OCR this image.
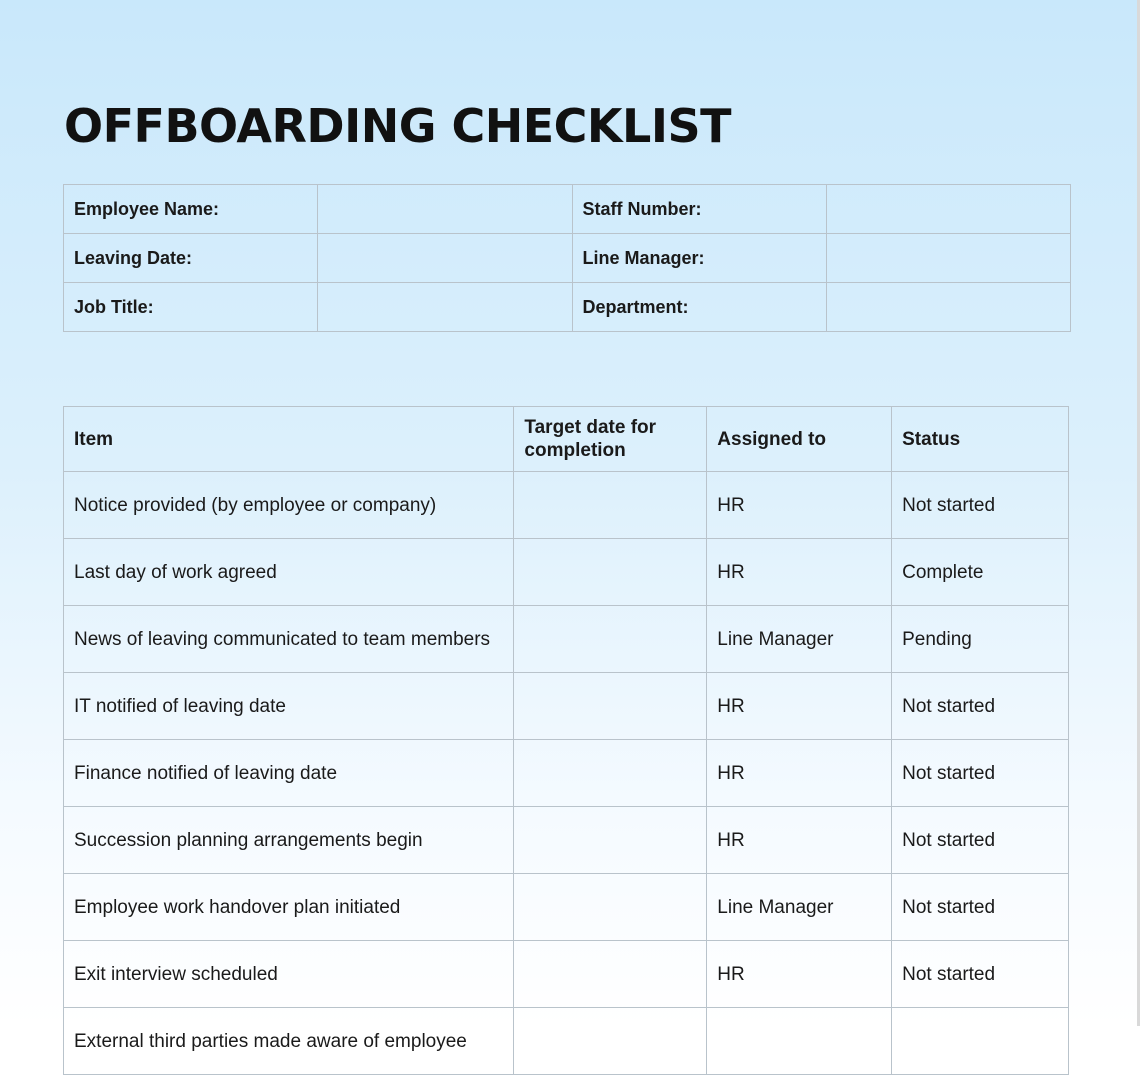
OFFBOARDING CHECKLIST
Employee Name:		Staff Number:	
Leaving Date:		Line Manager:	
Job Title:		Department:	
Item	Target date for completion	Assigned to	Status
Notice provided (by employee or company)		HR	Not started
Last day of work agreed		HR	Complete
News of leaving communicated to team members		Line Manager	Pending
IT notified of leaving date		HR	Not started
Finance notified of leaving date		HR	Not started
Succession planning arrangements begin		HR	Not started
Employee work handover plan initiated		Line Manager	Not started
Exit interview scheduled		HR	Not started
External third parties made aware of employee			
